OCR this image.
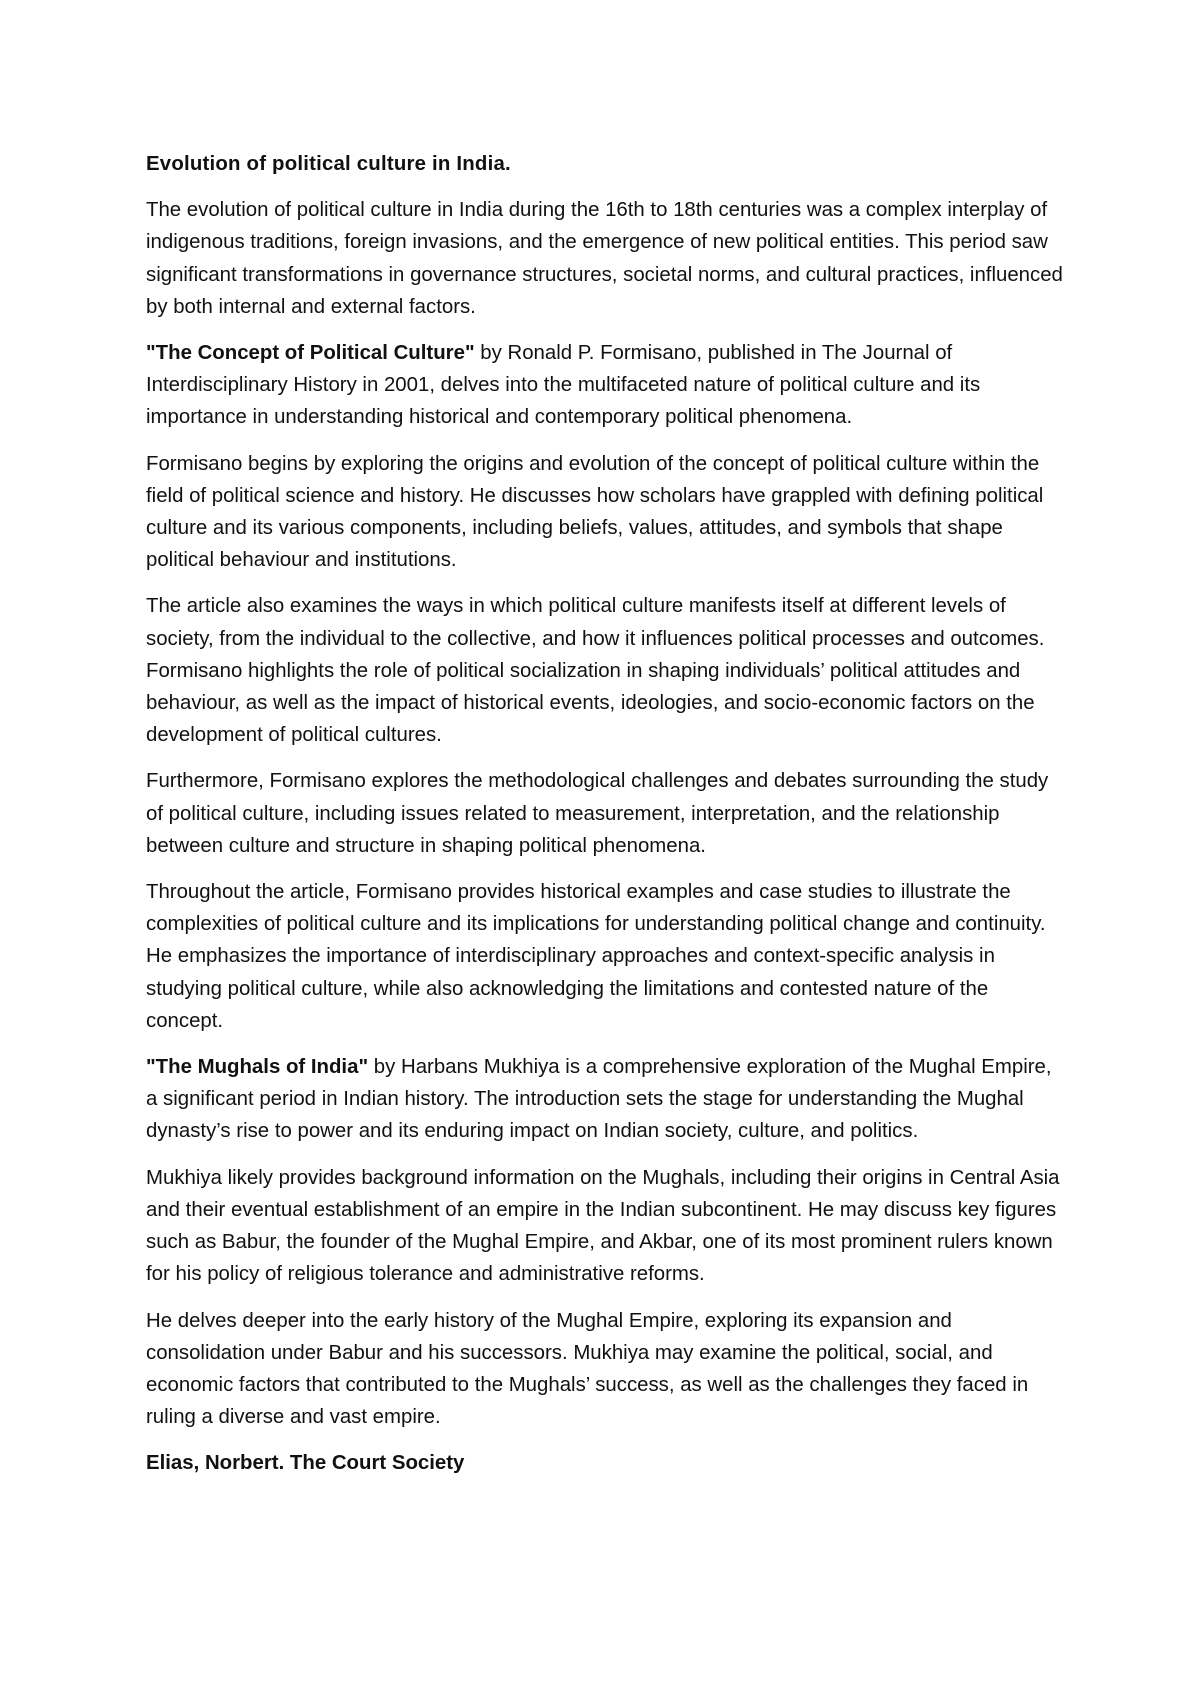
Evolution of political culture in India.

The evolution of political culture in India during the 16th to 18th centuries was a complex interplay of indigenous traditions, foreign invasions, and the emergence of new political entities. This period saw significant transformations in governance structures, societal norms, and cultural practices, influenced by both internal and external factors.

"The Concept of Political Culture" by Ronald P. Formisano, published in The Journal of Interdisciplinary History in 2001, delves into the multifaceted nature of political culture and its importance in understanding historical and contemporary political phenomena.

Formisano begins by exploring the origins and evolution of the concept of political culture within the field of political science and history. He discusses how scholars have grappled with defining political culture and its various components, including beliefs, values, attitudes, and symbols that shape political behaviour and institutions.

The article also examines the ways in which political culture manifests itself at different levels of society, from the individual to the collective, and how it influences political processes and outcomes. Formisano highlights the role of political socialization in shaping individuals’ political attitudes and behaviour, as well as the impact of historical events, ideologies, and socio-economic factors on the development of political cultures.

Furthermore, Formisano explores the methodological challenges and debates surrounding the study of political culture, including issues related to measurement, interpretation, and the relationship between culture and structure in shaping political phenomena.

Throughout the article, Formisano provides historical examples and case studies to illustrate the complexities of political culture and its implications for understanding political change and continuity. He emphasizes the importance of interdisciplinary approaches and context-specific analysis in studying political culture, while also acknowledging the limitations and contested nature of the concept.

"The Mughals of India" by Harbans Mukhiya is a comprehensive exploration of the Mughal Empire, a significant period in Indian history. The introduction sets the stage for understanding the Mughal dynasty’s rise to power and its enduring impact on Indian society, culture, and politics.

Mukhiya likely provides background information on the Mughals, including their origins in Central Asia and their eventual establishment of an empire in the Indian subcontinent. He may discuss key figures such as Babur, the founder of the Mughal Empire, and Akbar, one of its most prominent rulers known for his policy of religious tolerance and administrative reforms.

He delves deeper into the early history of the Mughal Empire, exploring its expansion and consolidation under Babur and his successors. Mukhiya may examine the political, social, and economic factors that contributed to the Mughals’ success, as well as the challenges they faced in ruling a diverse and vast empire.

Elias, Norbert. The Court Society
